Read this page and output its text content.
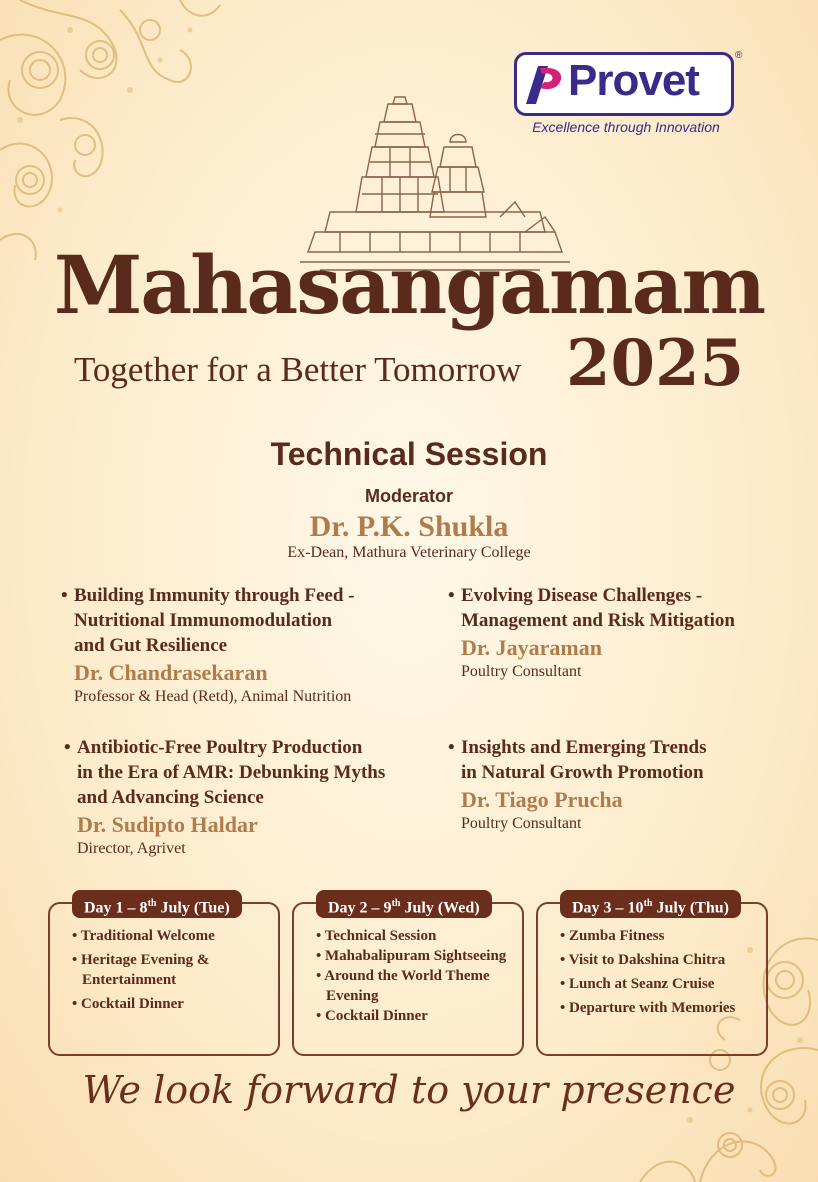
Provet
®
Excellence through Innovation
Mahasangamam
Together for a Better Tomorrow 2025
Technical Session
Moderator
Dr. P.K. Shukla
Ex-Dean, Mathura Veterinary College
• Building Immunity through Feed -
Nutritional Immunomodulation
and Gut Resilience
Dr. Chandrasekaran
Professor & Head (Retd), Animal Nutrition
• Evolving Disease Challenges -
Management and Risk Mitigation
Dr. Jayaraman
Poultry Consultant
• Antibiotic-Free Poultry Production
in the Era of AMR: Debunking Myths
and Advancing Science
Dr. Sudipto Haldar
Director, Agrivet
• Insights and Emerging Trends
in Natural Growth Promotion
Dr. Tiago Prucha
Poultry Consultant
Day 1 – 8th July (Tue)
• Traditional Welcome
• Heritage Evening & Entertainment
• Cocktail Dinner
Day 2 – 9th July (Wed)
• Technical Session
• Mahabalipuram Sightseeing
• Around the World Theme Evening
• Cocktail Dinner
Day 3 – 10th July (Thu)
• Zumba Fitness
• Visit to Dakshina Chitra
• Lunch at Seanz Cruise
• Departure with Memories
We look forward to your presence
